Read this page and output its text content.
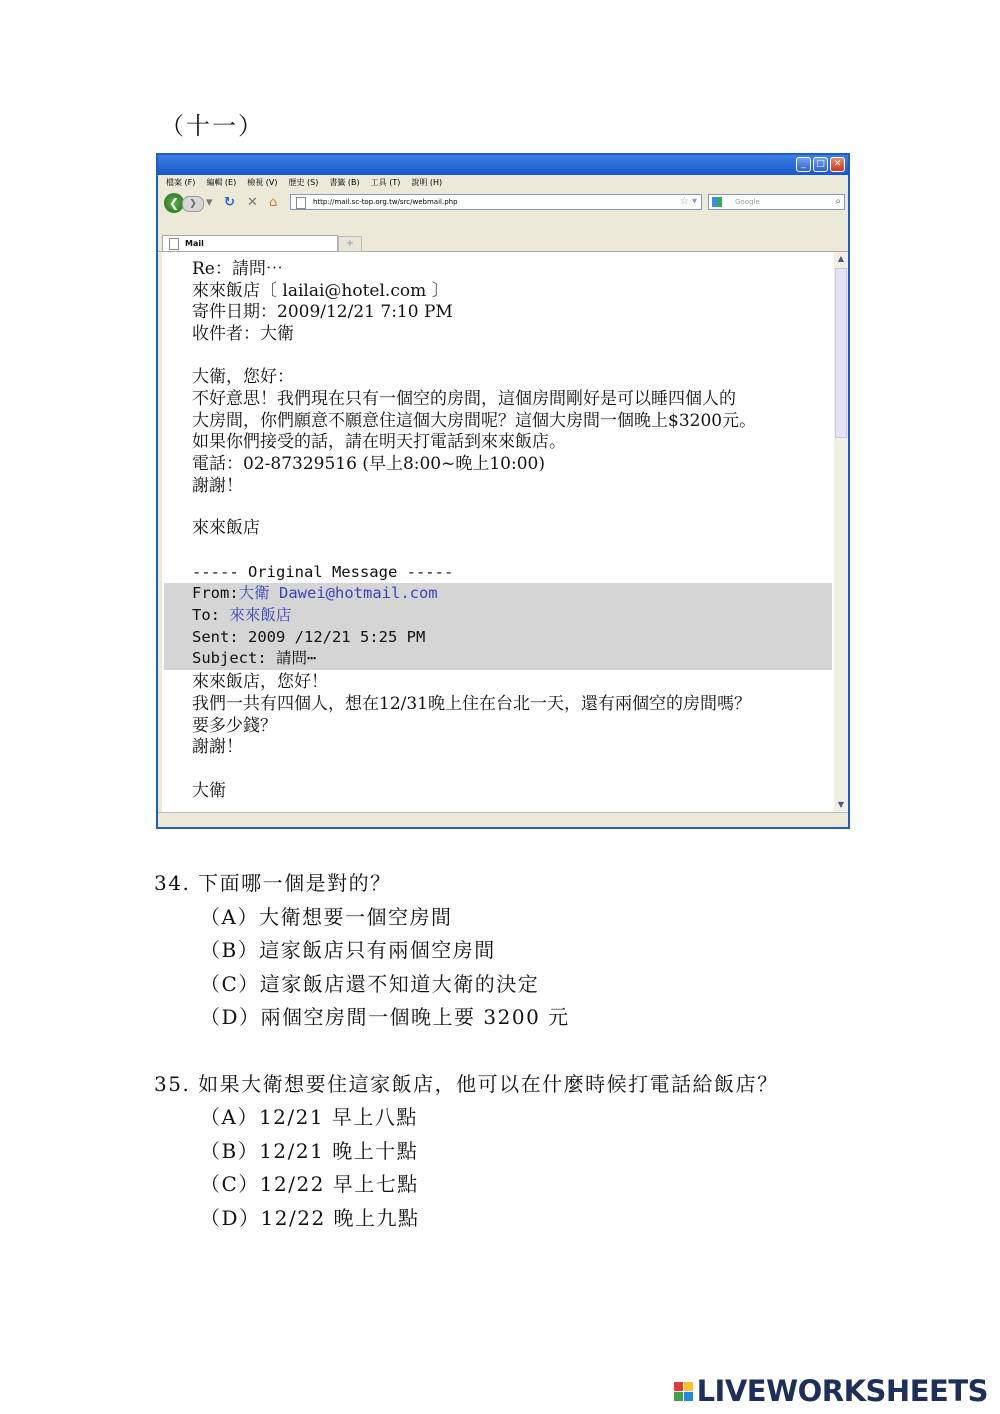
（十一）
_	□ ✕
檔案 (F) 編輯 (E) 檢視 (V) 歷史 (S) 書籤 (B) 工具 (T) 說明 (H)
❮	❯ ▾ ↻ ✕ ⌂	http://mail.sc-top.org.tw/src/webmail.php	☆ ▾	Google	⌕
Mail	+
Re：請問⋯
來來飯店〔 lailai@hotel.com 〕
寄件日期：2009/12/21 7:10 PM
收件者：大衛
大衛，您好：
不好意思！我們現在只有一個空的房間，這個房間剛好是可以睡四個人的
大房間，你們願意不願意住這個大房間呢？這個大房間一個晚上$3200元。
如果你們接受的話，請在明天打電話到來來飯店。
電話：02-87329516 (早上8:00~晚上10:00)
謝謝！
來來飯店
----- Original Message -----
From:大衛 Dawei@hotmail.com
To: 來來飯店
Sent: 2009 /12/21 5:25 PM
Subject: 請問⋯
來來飯店，您好！
我們一共有四個人，想在12/31晚上住在台北一天，還有兩個空的房間嗎？
要多少錢？
謝謝！
大衛
▲
▼
34. 下面哪一個是對的？
（A）大衛想要一個空房間
（B）這家飯店只有兩個空房間
（C）這家飯店還不知道大衛的決定
（D）兩個空房間一個晚上要 3200 元
35. 如果大衛想要住這家飯店，他可以在什麼時候打電話給飯店？
（A）12/21 早上八點
（B）12/21 晚上十點
（C）12/22 早上七點
（D）12/22 晚上九點
LIVEWORKSHEETS
